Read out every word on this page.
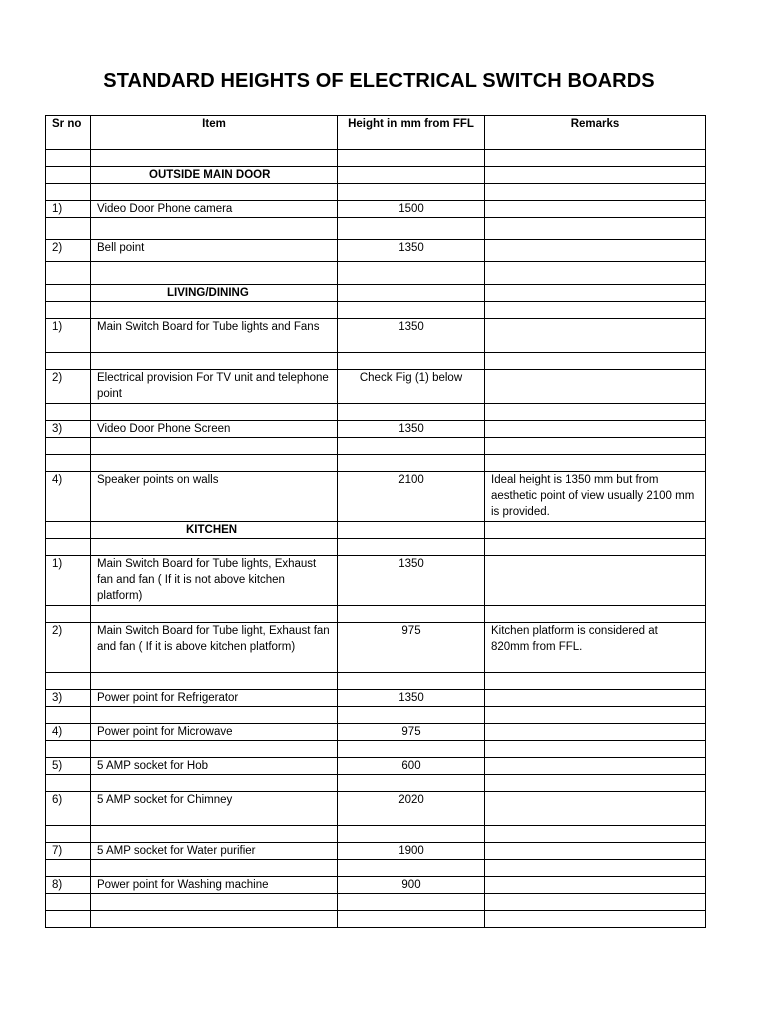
STANDARD HEIGHTS OF ELECTRICAL SWITCH BOARDS
Sr no	Item	Height in mm from FFL	Remarks

	OUTSIDE MAIN DOOR		

1)	Video Door Phone camera	1500	

2)	Bell point	1350	

	LIVING/DINING		

1)	Main Switch Board for Tube lights and Fans	1350	

2)	Electrical provision For TV unit and telephone point	Check Fig (1) below	

3)	Video Door Phone Screen	1350	

4)	Speaker points on walls	2100	Ideal height is 1350 mm but from aesthetic point of view usually 2100 mm is provided.
	KITCHEN		

1)	Main Switch Board for Tube lights, Exhaust fan and fan ( If it is not above kitchen platform)	1350	

2)	Main Switch Board for Tube light, Exhaust fan and fan ( If it is above kitchen platform)	975	Kitchen platform is considered at 820mm from FFL.

3)	Power point for Refrigerator	1350	

4)	Power point for Microwave	975	

5)	5 AMP socket for Hob	600	

6)	5 AMP socket for Chimney	2020	

7)	5 AMP socket for Water purifier	1900	

8)	Power point for Washing machine	900	
